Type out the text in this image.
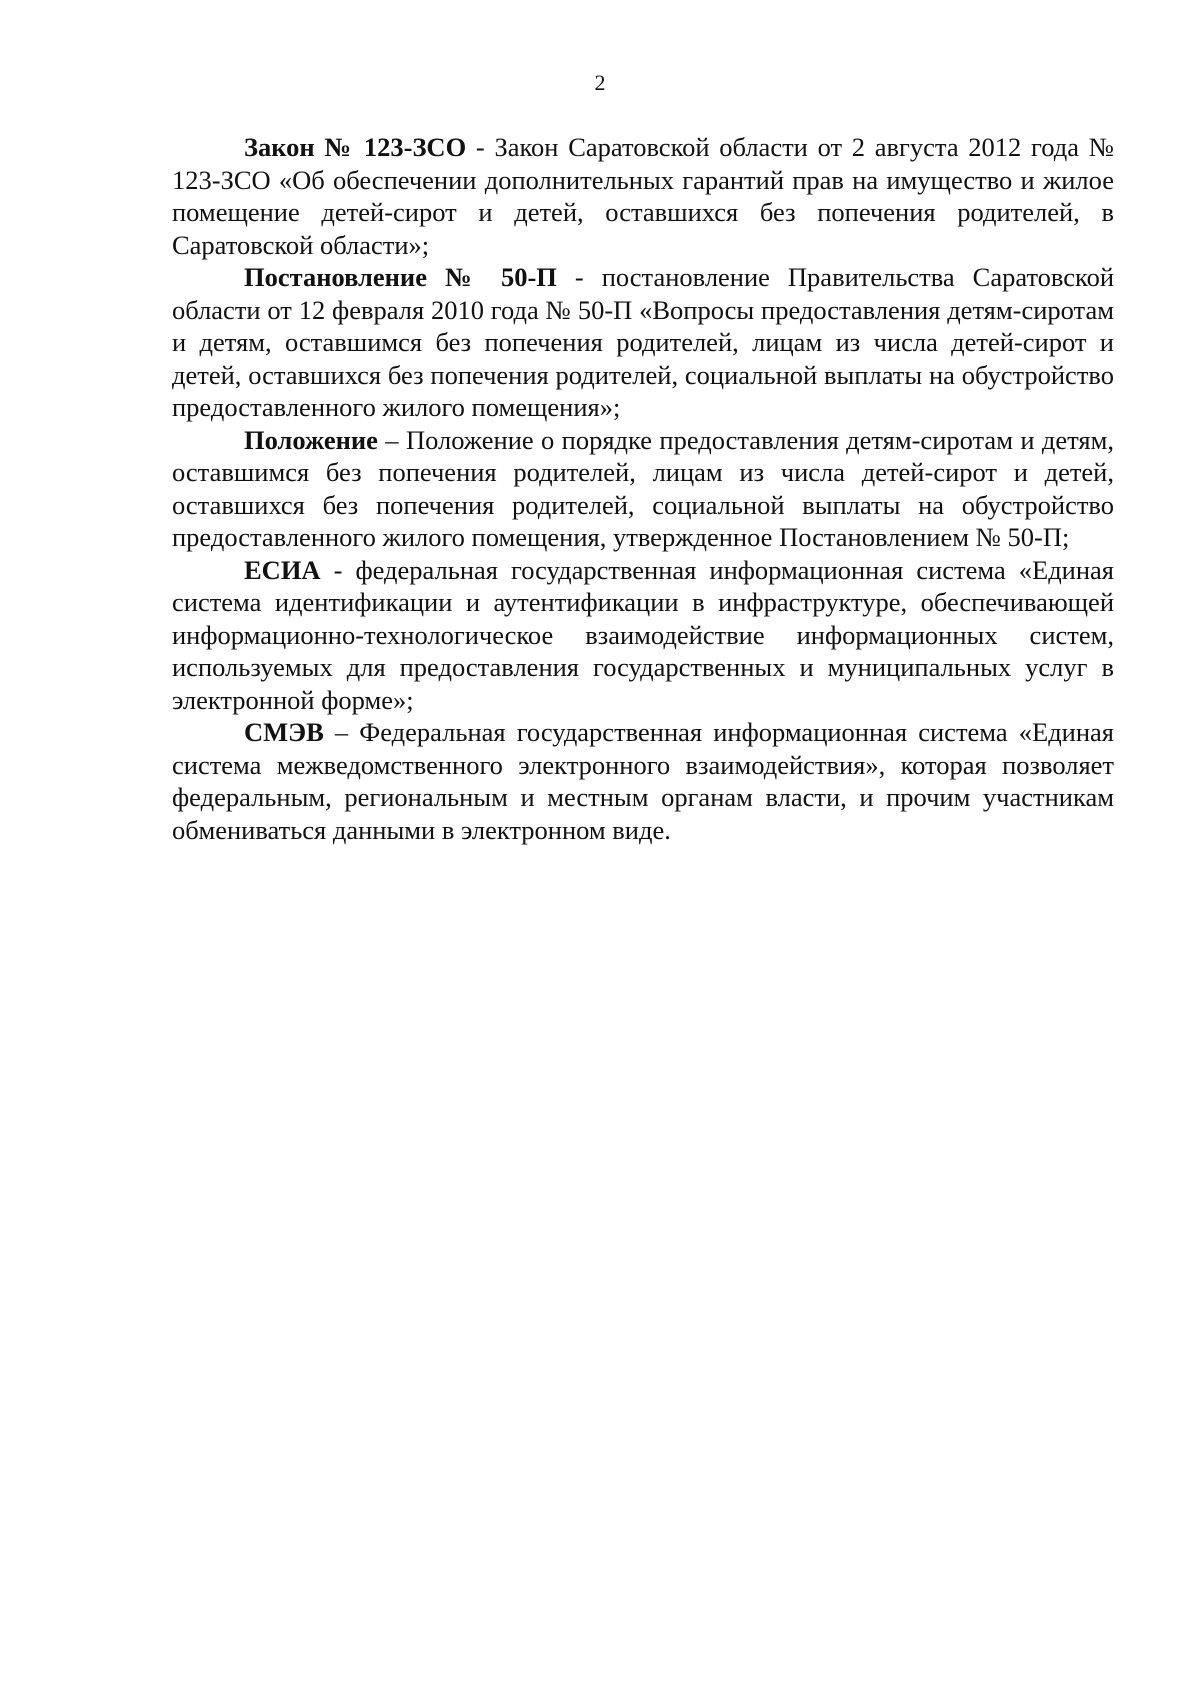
2

Закон № 123-ЗСО - Закон Саратовской области от 2 августа 2012 года № 123-ЗСО «Об обеспечении дополнительных гарантий прав на имущество и жилое помещение детей-сирот и детей, оставшихся без попечения родителей, в Саратовской области»;

Постановление № 50-П - постановление Правительства Саратовской области от 12 февраля 2010 года № 50-П «Вопросы предоставления детям-сиротам и детям, оставшимся без попечения родителей, лицам из числа детей-сирот и детей, оставшихся без попечения родителей, социальной выплаты на обустройство предоставленного жилого помещения»;

Положение – Положение о порядке предоставления детям-сиротам и детям, оставшимся без попечения родителей, лицам из числа детей-сирот и детей, оставшихся без попечения родителей, социальной выплаты на обустройство предоставленного жилого помещения, утвержденное Постановлением № 50-П;

ЕСИА - федеральная государственная информационная система «Единая система идентификации и аутентификации в инфраструктуре, обеспечивающей информационно-технологическое взаимодействие информационных систем, используемых для предоставления государственных и муниципальных услуг в электронной форме»;

СМЭВ – Федеральная государственная информационная система «Единая система межведомственного электронного взаимодействия», которая позволяет федеральным, региональным и местным органам власти, и прочим участникам обмениваться данными в электронном виде.
